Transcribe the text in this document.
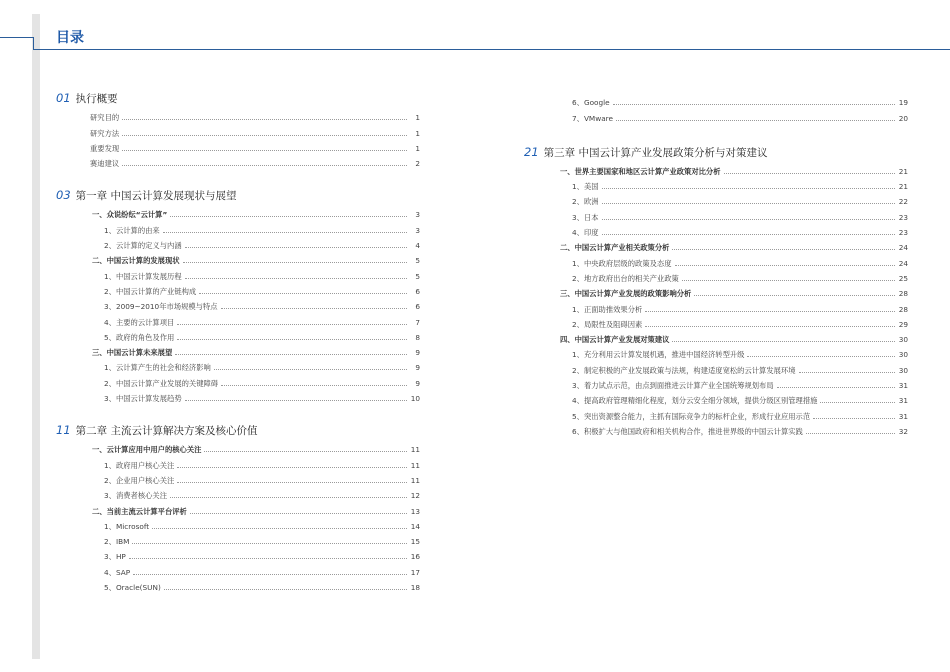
目录
01 执行概要
研究目的	1
研究方法	1
重要发现	1
赛迪建议	2
03 第一章 中国云计算发展现状与展望
一、众说纷纭“云计算”	3
1、云计算的由来	3
2、云计算的定义与内涵	4
二、中国云计算的发展现状	5
1、中国云计算发展历程	5
2、中国云计算的产业链构成	6
3、2009~2010年市场规模与特点	6
4、主要的云计算项目	7
5、政府的角色及作用	8
三、中国云计算未来展望	9
1、云计算产生的社会和经济影响	9
2、中国云计算产业发展的关键障碍	9
3、中国云计算发展趋势	10
11 第二章 主流云计算解决方案及核心价值
一、云计算应用中用户的核心关注	11
1、政府用户核心关注	11
2、企业用户核心关注	11
3、消费者核心关注	12
二、当前主流云计算平台评析	13
1、Microsoft	14
2、IBM	15
3、HP	16
4、SAP	17
5、Oracle(SUN)	18
6、Google	19
7、VMware	20
21 第三章 中国云计算产业发展政策分析与对策建议
一、世界主要国家和地区云计算产业政策对比分析	21
1、美国	21
2、欧洲	22
3、日本	23
4、印度	23
二、中国云计算产业相关政策分析	24
1、中央政府层级的政策及态度	24
2、地方政府出台的相关产业政策	25
三、中国云计算产业发展的政策影响分析	28
1、正面助推效果分析	28
2、局限性及阻碍因素	29
四、中国云计算产业发展对策建议	30
1、充分利用云计算发展机遇，推进中国经济转型升级	30
2、制定积极的产业发展政策与法规，构建适度宽松的云计算发展环境	30
3、着力试点示范，由点到面推进云计算产业全国统筹规划布局	31
4、提高政府管理精细化程度，划分云安全细分领域，提供分级区别管理措施	31
5、突出资源整合能力，主抓有国际竞争力的标杆企业，形成行业应用示范	31
6、积极扩大与他国政府和相关机构合作，推进世界级的中国云计算实践	32
